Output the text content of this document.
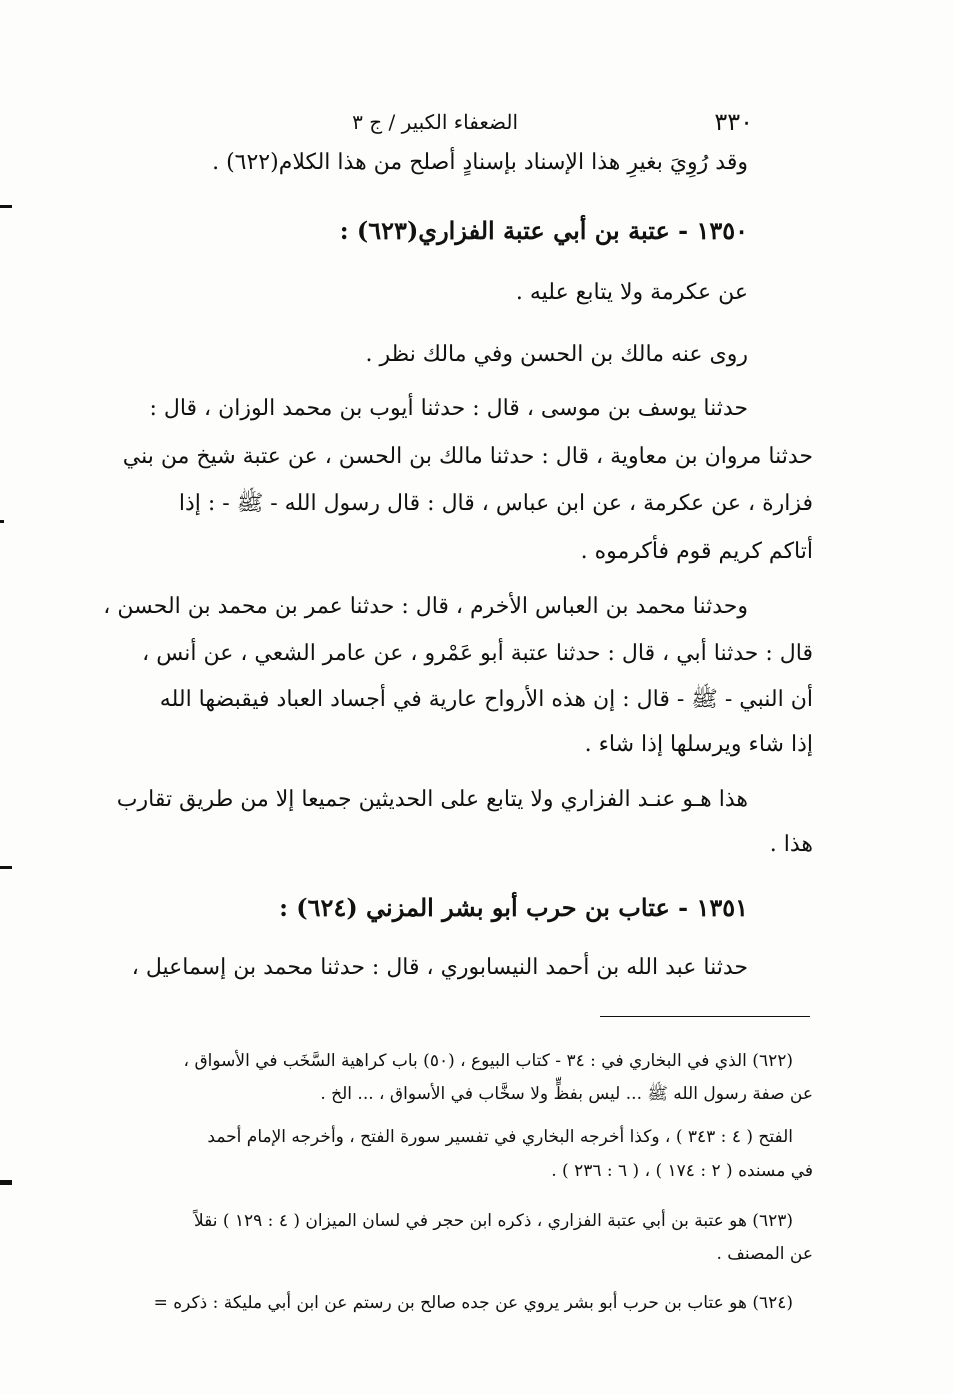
٣٣٠
الضعفاء الكبير / ج ٣
وقد رُوِيَ بغيرِ هذا الإسناد بإسنادٍ أصلح من هذا الكلام(٦٢٢) .
١٣٥٠ - عتبة بن أبي عتبة الفزاري(٦٢٣) :
عن عكرمة ولا يتابع عليه .
روى عنه مالك بن الحسن وفي مالك نظر .
حدثنا يوسف بن موسى ، قال : حدثنا أيوب بن محمد الوزان ، قال :
حدثنا مروان بن معاوية ، قال : حدثنا مالك بن الحسن ، عن عتبة شيخ من بني
فزارة ، عن عكرمة ، عن ابن عباس ، قال : قال رسول الله - ﷺ - : إذا
أتاكم كريم قوم فأكرموه .
وحدثنا محمد بن العباس الأخرم ، قال : حدثنا عمر بن محمد بن الحسن ،
قال : حدثنا أبي ، قال : حدثنا عتبة أبو عَمْرو ، عن عامر الشعي ، عن أنس ،
أن النبي - ﷺ - قال : إن هذه الأرواح عارية في أجساد العباد فيقبضها الله
إذا شاء ويرسلها إذا شاء .
هذا هـو عنـد الفزاري ولا يتابع على الحديثين جميعا إلا من طريق تقارب
هذا .
١٣٥١ - عتاب بن حرب أبو بشر المزني (٦٢٤) :
حدثنا عبد الله بن أحمد النيسابوري ، قال : حدثنا محمد بن إسماعيل ،
(٦٢٢) الذي في البخاري في : ٣٤ - كتاب البيوع ، (٥٠) باب كراهية السَّخَب في الأسواق ،
عن صفة رسول الله ﷺ ... ليس بفظٍّ ولا سخَّاب في الأسواق ، ... الخ .
الفتح ( ٤ : ٣٤٣ ) ، وكذا أخرجه البخاري في تفسير سورة الفتح ، وأخرجه الإمام أحمد
في مسنده ( ٢ : ١٧٤ ) ، ( ٦ : ٢٣٦ ) .
(٦٢٣) هو عتبة بن أبي عتبة الفزاري ، ذكره ابن حجر في لسان الميزان ( ٤ : ١٢٩ ) نقلاً
عن المصنف .
(٦٢٤) هو عتاب بن حرب أبو بشر يروي عن جده صالح بن رستم عن ابن أبي مليكة : ذكره =
